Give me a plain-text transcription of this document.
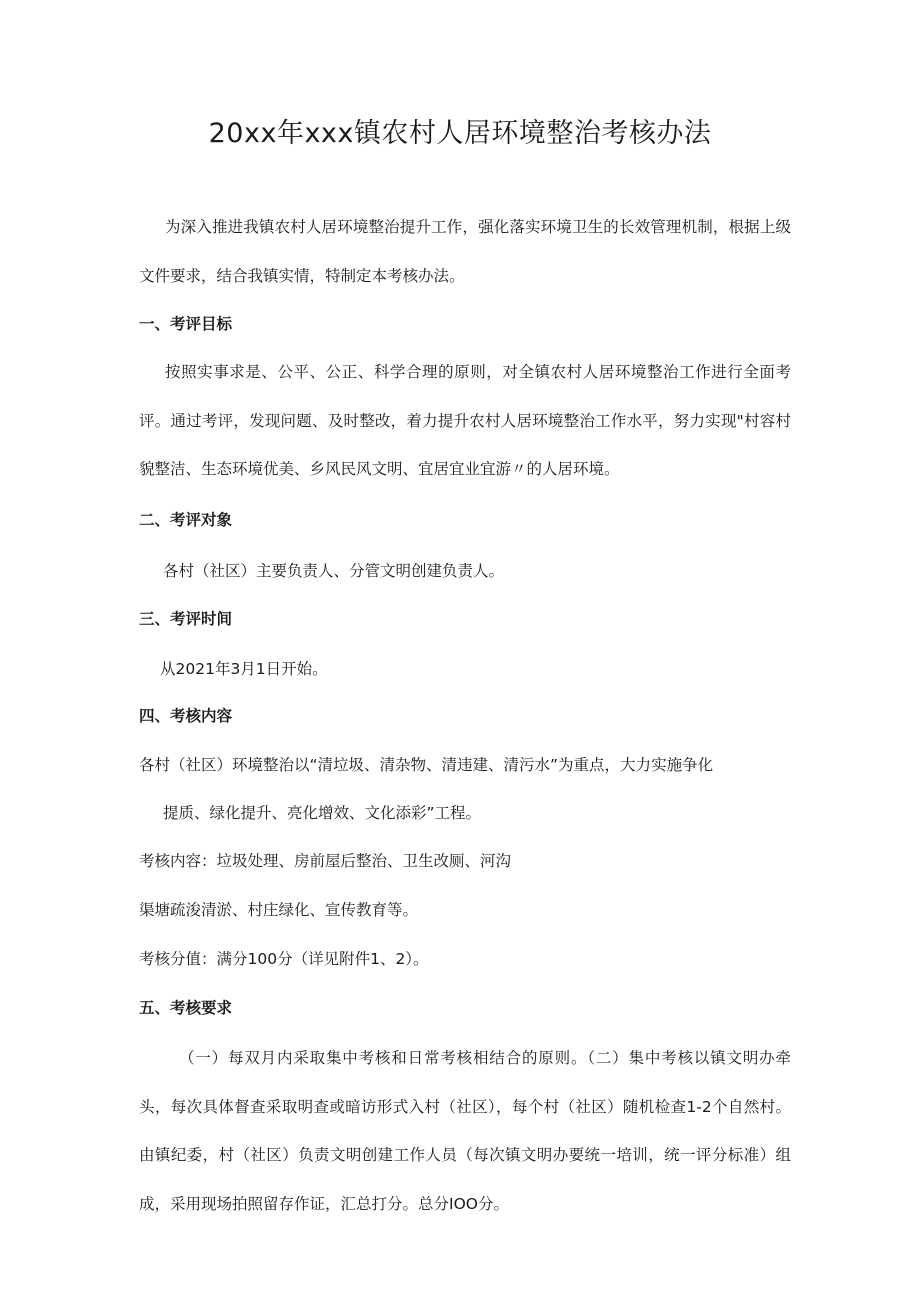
20xx年xxx镇农村人居环境整治考核办法
为深入推进我镇农村人居环境整治提升工作，强化落实环境卫生的长效管理机制，根据上级文件要求，结合我镇实情，特制定本考核办法。
一、考评目标
按照实事求是、公平、公正、科学合理的原则，对全镇农村人居环境整治工作进行全面考评。通过考评，发现问题、及时整改，着力提升农村人居环境整治工作水平，努力实现"村容村貌整洁、生态环境优美、乡风民风文明、宜居宜业宜游〃的人居环境。
二、考评对象
各村（社区）主要负责人、分管文明创建负责人。
三、考评时间
从2021年3月1日开始。
四、考核内容
各村（社区）环境整治以“清垃圾、清杂物、清违建、清污水”为重点，大力实施争化
提质、绿化提升、亮化增效、文化添彩”工程。
考核内容：垃圾处理、房前屋后整治、卫生改厕、河沟
渠塘疏浚清淤、村庄绿化、宣传教育等。
考核分值：满分100分（详见附件1、2）。
五、考核要求
（一）每双月内采取集中考核和日常考核相结合的原则。（二）集中考核以镇文明办牵头，每次具体督查采取明查或暗访形式入村（社区），每个村（社区）随机检查1-2个自然村。由镇纪委，村（社区）负责文明创建工作人员（每次镇文明办要统一培训，统一评分标准）组成，采用现场拍照留存作证，汇总打分。总分IOO分。
